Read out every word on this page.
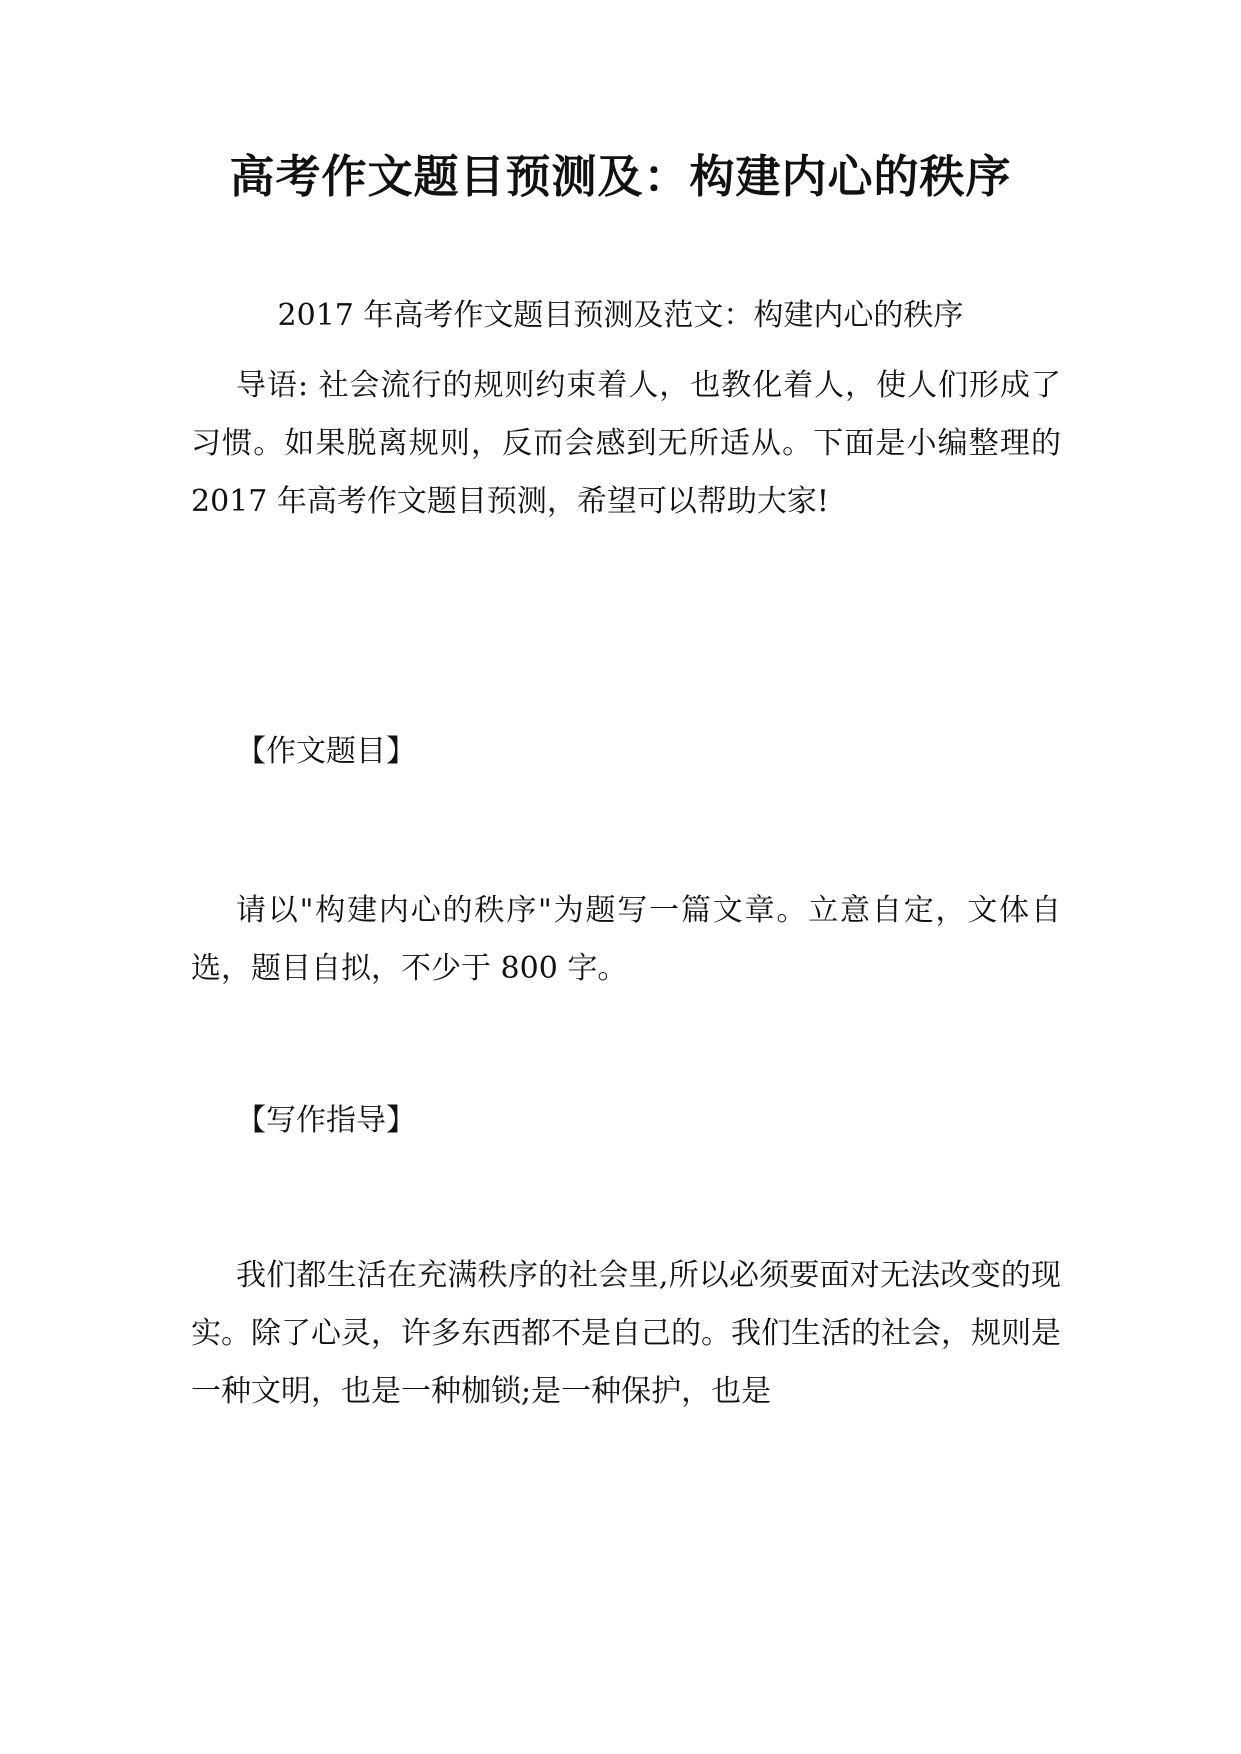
高考作文题目预测及：构建内心的秩序
2017 年高考作文题目预测及范文：构建内心的秩序

导语: 社会流行的规则约束着人，也教化着人，使人们形成了习惯。如果脱离规则，反而会感到无所适从。下面是小编整理的 2017 年高考作文题目预测，希望可以帮助大家!

【作文题目】

请以"构建内心的秩序"为题写一篇文章。立意自定，文体自选，题目自拟，不少于 800 字。

【写作指导】

我们都生活在充满秩序的社会里,所以必须要面对无法改变的现实。除了心灵，许多东西都不是自己的。我们生活的社会，规则是一种文明，也是一种枷锁;是一种保护，也是
